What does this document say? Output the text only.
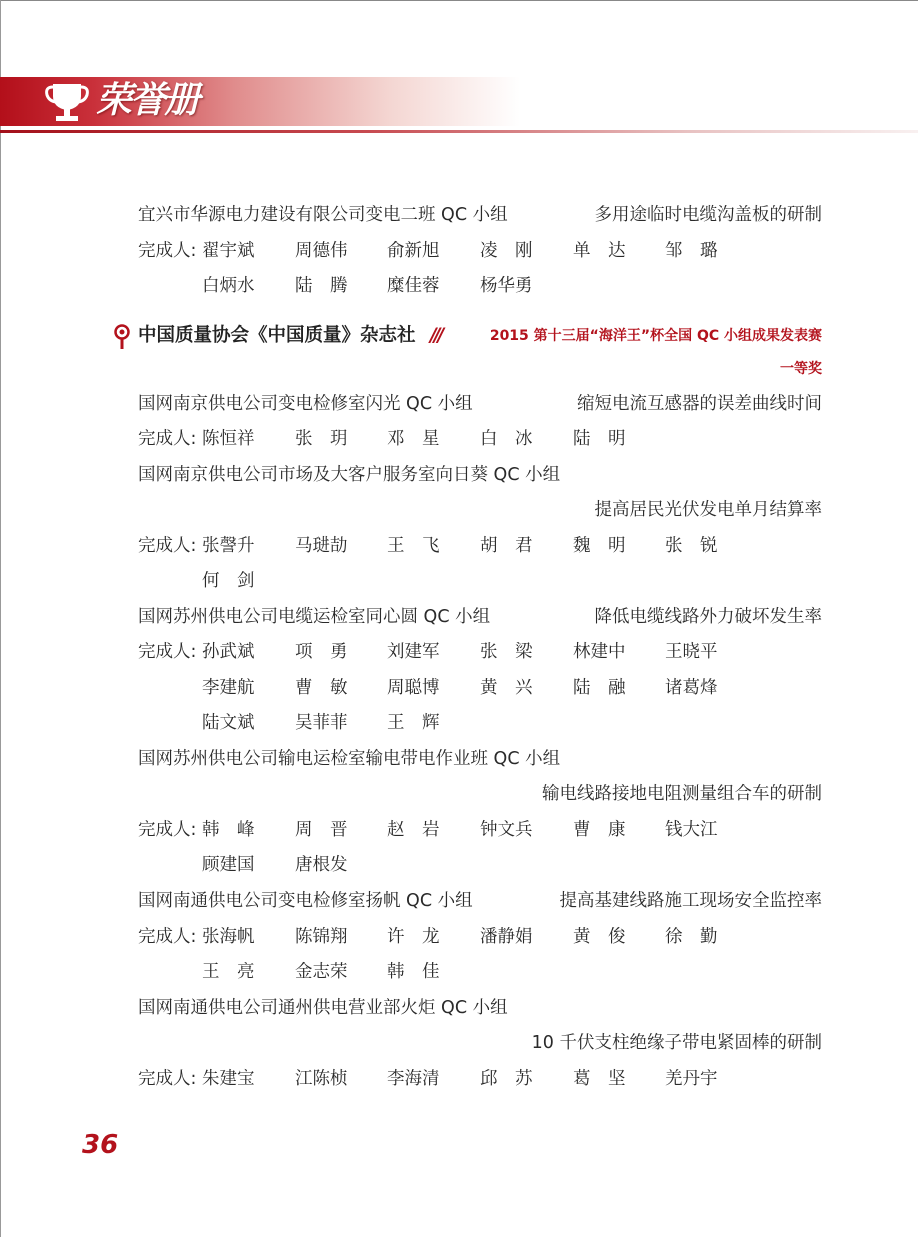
荣誉册
宜兴市华源电力建设有限公司变电二班 QC 小组	多用途临时电缆沟盖板的研制
完成人: 翟宇斌 周德伟 俞新旭 凌　刚 单　达 邹　璐
白炳水 陆　腾 糜佳蓉 杨华勇
中国质量协会《中国质量》杂志社 ///	2015 第十三届“海洋王”杯全国 QC 小组成果发表赛
一等奖
国网南京供电公司变电检修室闪光 QC 小组	缩短电流互感器的误差曲线时间
完成人: 陈恒祥 张　玥 邓　星 白　冰 陆　明
国网南京供电公司市场及大客户服务室向日葵 QC 小组
提高居民光伏发电单月结算率
完成人: 张謦升 马琎劼 王　飞 胡　君 魏　明 张　锐
何　剑
国网苏州供电公司电缆运检室同心圆 QC 小组	降低电缆线路外力破坏发生率
完成人: 孙武斌 项　勇 刘建军 张　梁 林建中 王晓平
李建航 曹　敏 周聪博 黄　兴 陆　融 诸葛烽
陆文斌 吴菲菲 王　辉
国网苏州供电公司输电运检室输电带电作业班 QC 小组
输电线路接地电阻测量组合车的研制
完成人: 韩　峰 周　晋 赵　岩 钟文兵 曹　康 钱大江
顾建国 唐根发
国网南通供电公司变电检修室扬帆 QC 小组	提高基建线路施工现场安全监控率
完成人: 张海帆 陈锦翔 许　龙 潘静娟 黄　俊 徐　勤
王　亮 金志荣 韩　佳
国网南通供电公司通州供电营业部火炬 QC 小组
10 千伏支柱绝缘子带电紧固棒的研制
完成人: 朱建宝 江陈桢 李海清 邱　苏 葛　坚 羌丹宇
36
